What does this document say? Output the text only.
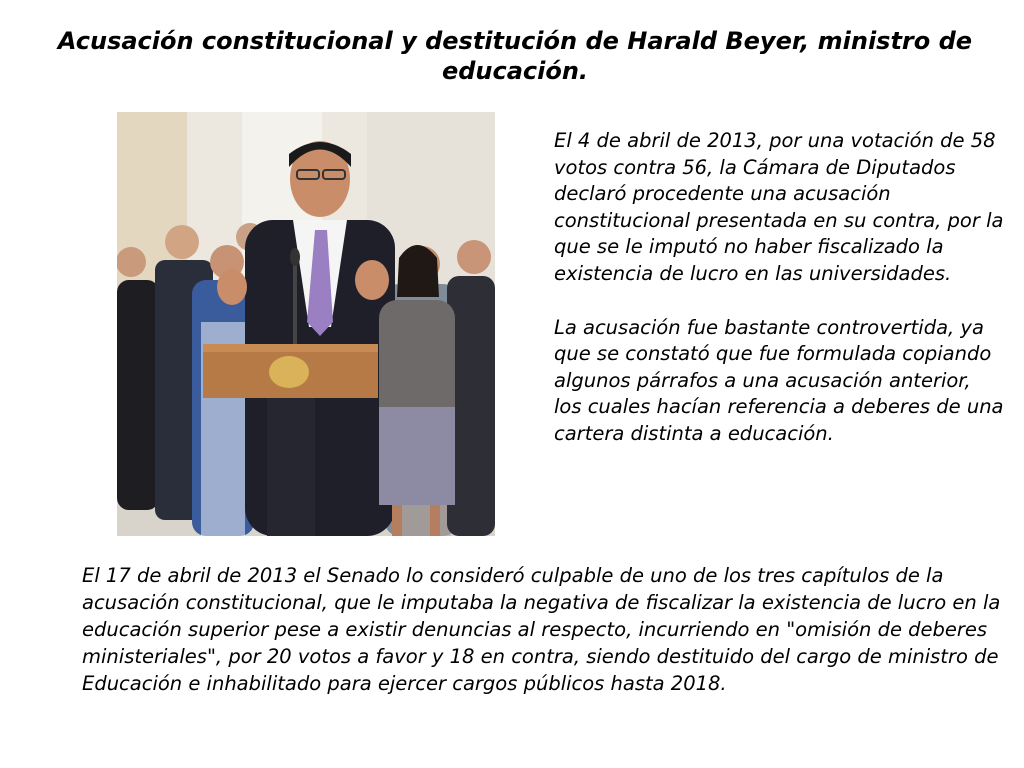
Acusación constitucional y destitución de Harald Beyer, ministro de educación.

El 4 de abril de 2013, por una votación de 58 votos contra 56, la Cámara de Diputados declaró procedente una acusación constitucional presentada en su contra, por la que se le imputó no haber fiscalizado la existencia de lucro en las universidades.

La acusación fue bastante controvertida, ya que se constató que fue formulada copiando algunos párrafos a una acusación anterior, los cuales hacían referencia a deberes de una cartera distinta a educación.

El 17 de abril de 2013 el Senado lo consideró culpable de uno de los tres capítulos de la acusación constitucional, que le imputaba la negativa de fiscalizar la existencia de lucro en la educación superior pese a existir denuncias al respecto, incurriendo en "omisión de deberes ministeriales", por 20 votos a favor y 18 en contra, siendo destituido del cargo de ministro de Educación e inhabilitado para ejercer cargos públicos hasta 2018.
